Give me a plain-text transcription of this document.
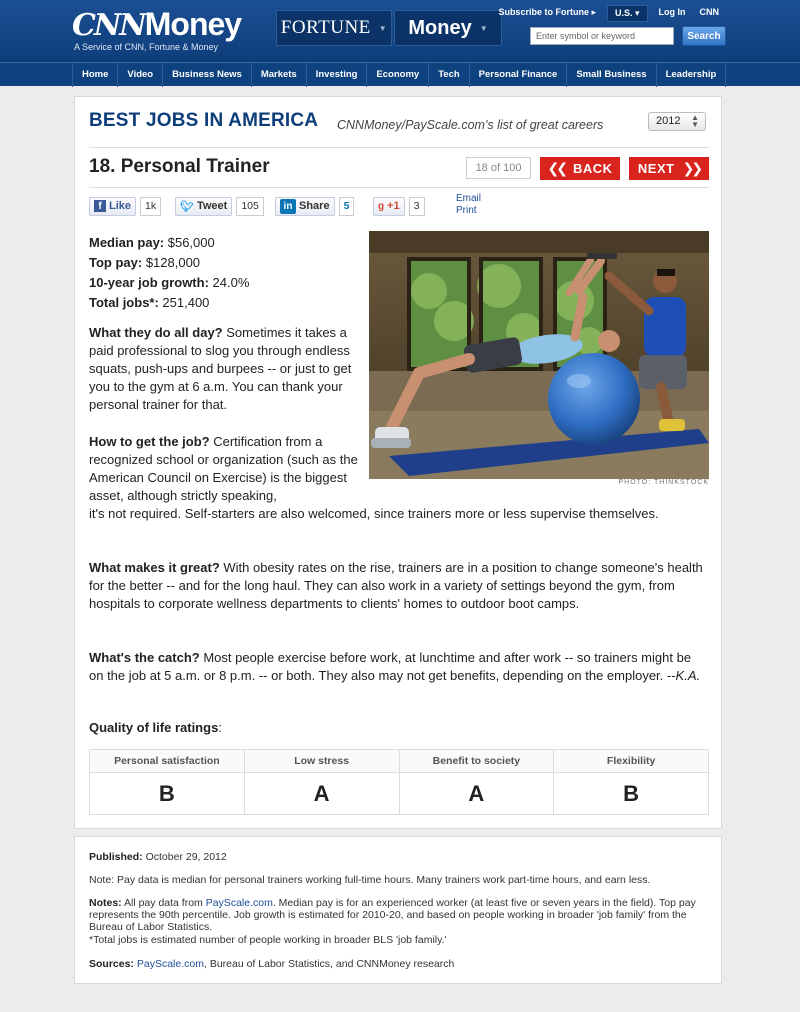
CNNMoney
A Service of CNN, Fortune & Money
FORTUNE ▼ Money ▼
Subscribe to Fortune ▸	U.S. ▾	Log In	CNN
Enter symbol or keyword	Search
Home	Video	Business News	Markets	Investing	Economy	Tech	Personal Finance	Small Business	Leadership
BEST JOBS IN AMERICA CNNMoney/PayScale.com's list of great careers	2012 ▲
▼
18. Personal Trainer	18 of 100	❮❮ BACK NEXT ❯❯
f Like	1k	🐦︎ Tweet	105	in Share	5	g +1	3
Email
Print
PHOTO: THINKSTOCK
Median pay: $56,000
Top pay: $128,000
10-year job growth: 24.0%
Total jobs*: 251,400
What they do all day? Sometimes it takes a paid professional to slog you through endless squats, push-ups and burpees -- or just to get you to the gym at 6 a.m. You can thank your personal trainer for that.
How to get the job? Certification from a recognized school or organization (such as the American Council on Exercise) is the biggest asset, although strictly speaking,
it's not required. Self-starters are also welcomed, since trainers more or less supervise themselves.
What makes it great? With obesity rates on the rise, trainers are in a position to change someone's health for the better -- and for the long haul. They can also work in a variety of settings beyond the gym, from hospitals to corporate wellness departments to clients' homes to outdoor boot camps.
What's the catch? Most people exercise before work, at lunchtime and after work -- so trainers might be on the job at 5 a.m. or 8 p.m. -- or both. They also may not get benefits, depending on the employer. --K.A.
Quality of life ratings:
Personal satisfaction	Low stress	Benefit to society	Flexibility
B	A	A	B

Published: October 29, 2012

Note: Pay data is median for personal trainers working full-time hours. Many trainers work part-time hours, and earn less.

Notes: All pay data from PayScale.com. Median pay is for an experienced worker (at least five or seven years in the field). Top pay represents the 90th percentile. Job growth is estimated for 2010-20, and based on people working in broader 'job family' from the Bureau of Labor Statistics.

*Total jobs is estimated number of people working in broader BLS 'job family.'

Sources: PayScale.com, Bureau of Labor Statistics, and CNNMoney research
